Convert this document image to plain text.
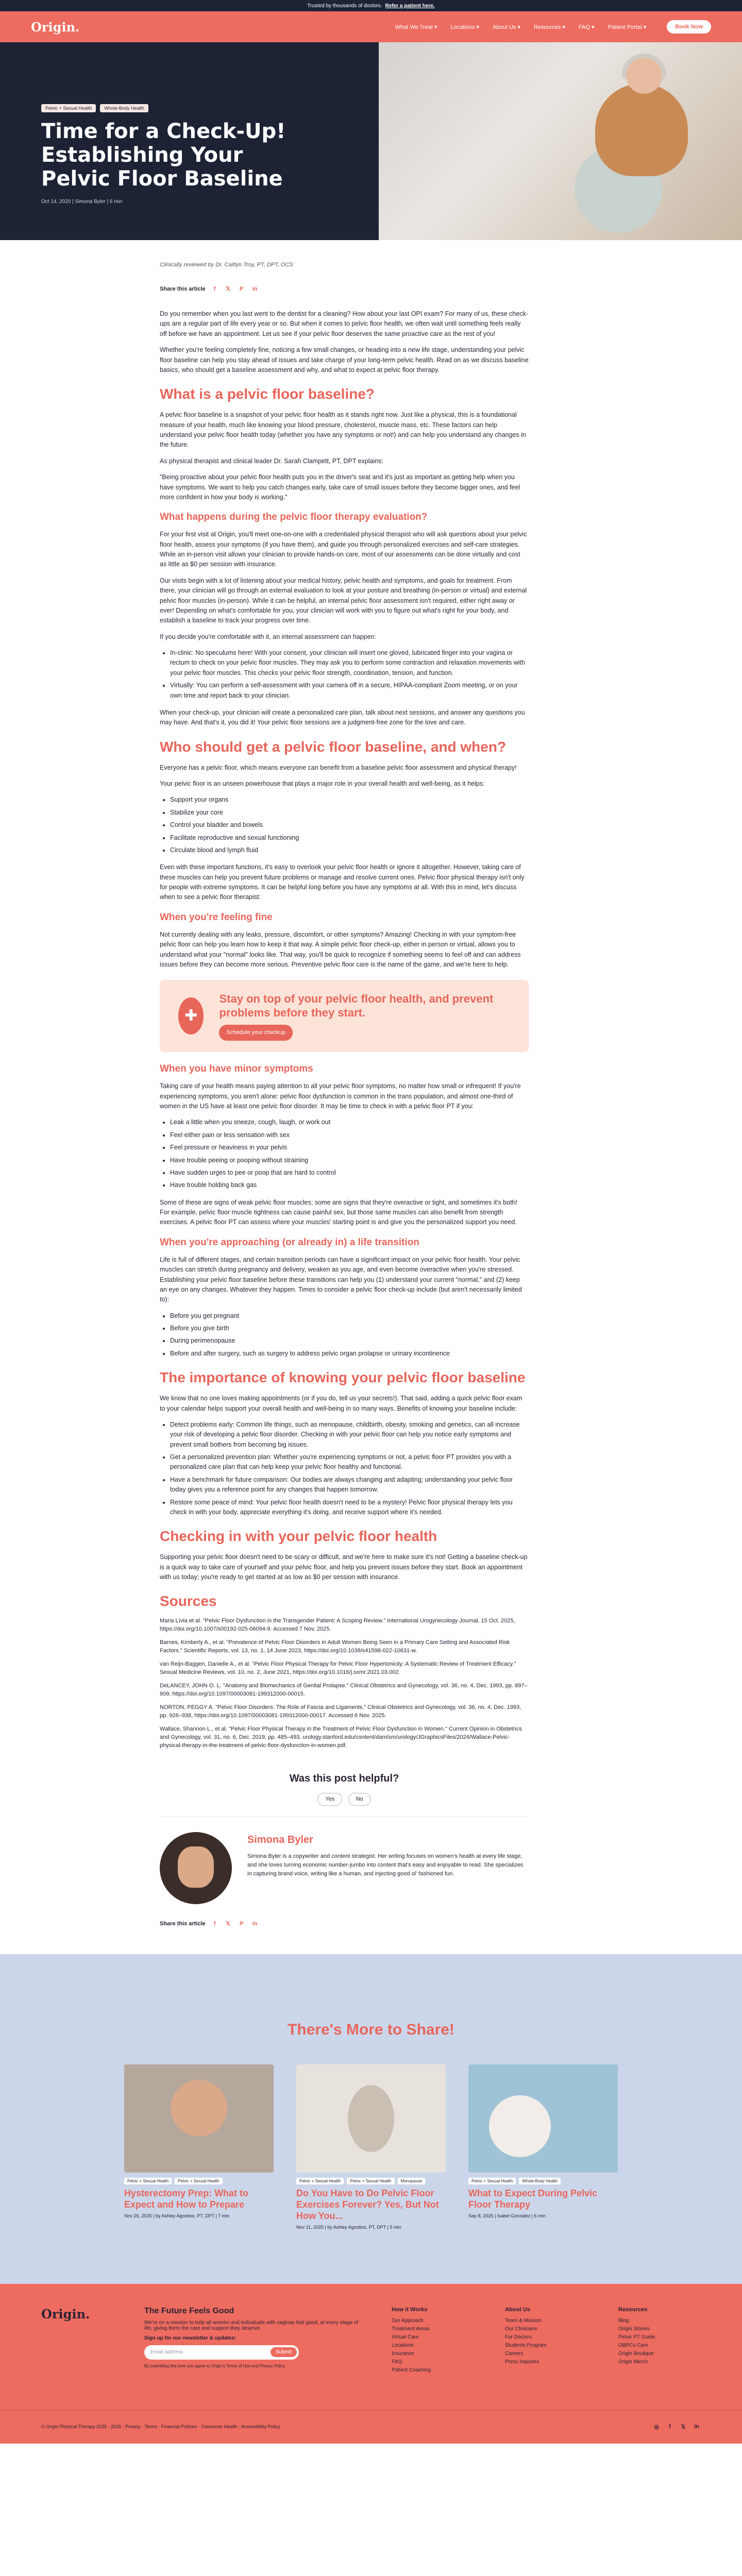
Trusted by thousands of doctors. Refer a patient here.
Origin.	What We Treat ▾	Locations ▾	About Us ▾	Resources ▾	FAQ ▾	Patient Portal ▾	Book Now
Pelvic + Sexual Health	Whole-Body Health
Time for a Check-Up! Establishing Your Pelvic Floor Baseline
Oct 14, 2020 | Simona Byler | 6 min
Clinically reviewed by Dr. Caitlyn Troy, PT, DPT, OCS
Share this article	f	𝕏	P	in

Do you remember when you last went to the dentist for a cleaning? How about your last OPI exam? For many of us, these check-ups are a regular part of life every year or so. But when it comes to pelvic floor health, we often wait until something feels really off before we have an appointment. Let us see if your pelvic floor deserves the same proactive care as the rest of you!

Whether you're feeling completely fine, noticing a few small changes, or heading into a new life stage, understanding your pelvic floor baseline can help you stay ahead of issues and take charge of your long-term pelvic health. Read on as we discuss baseline basics, who should get a baseline assessment and why, and what to expect at pelvic floor therapy.

What is a pelvic floor baseline?

A pelvic floor baseline is a snapshot of your pelvic floor health as it stands right now. Just like a physical, this is a foundational measure of your health, much like knowing your blood pressure, cholesterol, muscle mass, etc. These factors can help understand your pelvic floor health today (whether you have any symptoms or not!) and can help you understand any changes in the future.

As physical therapist and clinical leader Dr. Sarah Clampett, PT, DPT explains:

"Being proactive about your pelvic floor health puts you in the driver's seat and it's just as important as getting help when you have symptoms. We want to help you catch changes early, take care of small issues before they become bigger ones, and feel more confident in how your body is working."

What happens during the pelvic floor therapy evaluation?

For your first visit at Origin, you'll meet one-on-one with a credentialed physical therapist who will ask questions about your pelvic floor health, assess your symptoms (if you have them), and guide you through personalized exercises and self-care strategies. While an in-person visit allows your clinician to provide hands-on care, most of our assessments can be done virtually and cost as little as $0 per session with insurance.

Our visits begin with a lot of listening about your medical history, pelvic health and symptoms, and goals for treatment. From there, your clinician will go through an external evaluation to look at your posture and breathing (in-person or virtual) and external pelvic floor muscles (in-person). While it can be helpful, an internal pelvic floor assessment isn't required, either right away or ever! Depending on what's comfortable for you, your clinician will work with you to figure out what's right for your body, and establish a baseline to track your progress over time.

If you decide you're comfortable with it, an internal assessment can happen:

• In-clinic: No speculums here! With your consent, your clinician will insert one gloved, lubricated finger into your vagina or rectum to check on your pelvic floor muscles. They may ask you to perform some contraction and relaxation movements with your pelvic floor muscles. This checks your pelvic floor strength, coordination, tension, and function.
• Virtually: You can perform a self-assessment with your camera off in a secure, HIPAA-compliant Zoom meeting, or on your own time and report back to your clinician.

When your check-up, your clinician will create a personalized care plan, talk about next sessions, and answer any questions you may have. And that's it, you did it! Your pelvic floor sessions are a judgment-free zone for the love and care.

Who should get a pelvic floor baseline, and when?

Everyone has a pelvic floor, which means everyone can benefit from a baseline pelvic floor assessment and physical therapy!

Your pelvic floor is an unseen powerhouse that plays a major role in your overall health and well-being, as it helps:

• Support your organs
• Stabilize your core
• Control your bladder and bowels
• Facilitate reproductive and sexual functioning
• Circulate blood and lymph fluid

Even with these important functions, it's easy to overlook your pelvic floor health or ignore it altogether. However, taking care of these muscles can help you prevent future problems or manage and resolve current ones. Pelvic floor physical therapy isn't only for people with extreme symptoms. It can be helpful long before you have any symptoms at all. With this in mind, let's discuss when to see a pelvic floor therapist:

When you're feeling fine

Not currently dealing with any leaks, pressure, discomfort, or other symptoms? Amazing! Checking in with your symptom-free pelvic floor can help you learn how to keep it that way. A simple pelvic floor check-up, either in person or virtual, allows you to understand what your "normal" looks like. That way, you'll be quick to recognize if something seems to feel off and can address issues before they can become more serious. Preventive pelvic floor care is the name of the game, and we're here to help.

✚
Stay on top of your pelvic floor health, and prevent problems before they start.
Schedule your checkup
When you have minor symptoms

Taking care of your health means paying attention to all your pelvic floor symptoms, no matter how small or infrequent! If you're experiencing symptoms, you aren't alone: pelvic floor dysfunction is common in the trans population, and almost one-third of women in the US have at least one pelvic floor disorder. It may be time to check in with a pelvic floor PT if you:

• Leak a little when you sneeze, cough, laugh, or work out
• Feel either pain or less sensation with sex
• Feel pressure or heaviness in your pelvis
• Have trouble peeing or pooping without straining
• Have sudden urges to pee or poop that are hard to control
• Have trouble holding back gas

Some of these are signs of weak pelvic floor muscles; some are signs that they're overactive or tight, and sometimes it's both! For example, pelvic floor muscle tightness can cause painful sex, but those same muscles can also benefit from strength exercises. A pelvic floor PT can assess where your muscles' starting point is and give you the personalized support you need.

When you're approaching (or already in) a life transition

Life is full of different stages, and certain transition periods can have a significant impact on your pelvic floor health. Your pelvic muscles can stretch during pregnancy and delivery, weaken as you age, and even become overactive when you're stressed. Establishing your pelvic floor baseline before these transitions can help you (1) understand your current "normal," and (2) keep an eye on any changes. Whatever they happen. Times to consider a pelvic floor check-up include (but aren't necessarily limited to):

• Before you get pregnant
• Before you give birth
• During perimenopause
• Before and after surgery, such as surgery to address pelvic organ prolapse or urinary incontinence
The importance of knowing your pelvic floor baseline

We know that no one loves making appointments (or if you do, tell us your secrets!). That said, adding a quick pelvic floor exam to your calendar helps support your overall health and well-being in so many ways. Benefits of knowing your baseline include:

• Detect problems early: Common life things, such as menopause, childbirth, obesity, smoking and genetics, can all increase your risk of developing a pelvic floor disorder. Checking in with your pelvic floor can help you notice early symptoms and prevent small bothers from becoming big issues.
• Get a personalized prevention plan: Whether you're experiencing symptoms or not, a pelvic floor PT provides you with a personalized care plan that can help keep your pelvic floor healthy and functional.
• Have a benchmark for future comparison: Our bodies are always changing and adapting; understanding your pelvic floor today gives you a reference point for any changes that happen tomorrow.
• Restore some peace of mind: Your pelvic floor health doesn't need to be a mystery! Pelvic floor physical therapy lets you check in with your body, appreciate everything it's doing, and receive support where it's needed.
Checking in with your pelvic floor health

Supporting your pelvic floor doesn't need to be scary or difficult, and we're here to make sure it's not! Getting a baseline check-up is a quick way to take care of yourself and your pelvic floor, and help you prevent issues before they start. Book an appointment with us today; you're ready to get started at as low as $0 per session with insurance.

Sources

Maria Lívia et al. "Pelvic Floor Dysfunction in the Transgender Patient: A Scoping Review." International Urogynecology Journal, 15 Oct. 2025, https://doi.org/10.1007/s00192-025-06094-9. Accessed 7 Nov. 2025.

Barnes, Kimberly A., et al. "Prevalence of Pelvic Floor Disorders in Adult Women Being Seen in a Primary Care Setting and Associated Risk Factors." Scientific Reports, vol. 13, no. 1, 14 June 2023, https://doi.org/10.1038/s41598-022-10631-w.

van Reijn-Baggen, Danielle A., et al. "Pelvic Floor Physical Therapy for Pelvic Floor Hypertonicity: A Systematic Review of Treatment Efficacy." Sexual Medicine Reviews, vol. 10, no. 2, June 2021, https://doi.org/10.1016/j.sxmr.2021.03.002.

DeLANCEY, JOHN O. L. "Anatomy and Biomechanics of Genital Prolapse." Clinical Obstetrics and Gynecology, vol. 36, no. 4, Dec. 1993, pp. 897–909, https://doi.org/10.1097/00003081-199312000-00015.

NORTON, PEGGY A. "Pelvic Floor Disorders: The Role of Fascia and Ligaments." Clinical Obstetrics and Gynecology, vol. 36, no. 4, Dec. 1993, pp. 926–938, https://doi.org/10.1097/00003081-199312000-00017. Accessed 6 Nov. 2025.

Wallace, Shannon L., et al. "Pelvic Floor Physical Therapy in the Treatment of Pelvic Floor Dysfunction in Women." Current Opinion in Obstetrics and Gynecology, vol. 31, no. 6, Dec. 2019, pp. 485–493, urology.stanford.edu/content/dam/sm/urology/JGraphicsFiles/2024/Wallace-Pelvic-physical-therapy-in-the-treatment-of-pelvic-floor-dysfunction-in-women.pdf.

Was this post helpful?
Yes	No
Simona Byler

Simona Byler is a copywriter and content strategist. Her writing focuses on women's health at every life stage, and she loves turning economic number-jumbo into content that's easy and enjoyable to read. She specializes in capturing brand voice, writing like a human, and injecting good ol' fashioned fun.

Share this article	f	𝕏	P	in
There's More to Share!
Pelvic + Sexual Health Pelvic + Sexual Health
Hysterectomy Prep: What to Expect and How to Prepare
Nov 26, 2025 | by Ashley Agostino, PT, DPT | 7 min
Pelvic + Sexual Health Pelvic + Sexual Health Menopause
Do You Have to Do Pelvic Floor Exercises Forever? Yes, But Not How You...
Nov 11, 2025 | by Ashley Agostino, PT, DPT | 5 min
Pelvic + Sexual Health Whole-Body Health
What to Expect During Pelvic Floor Therapy
Sep 8, 2025 | Isabel Gonzalez | 6 min
Origin.	The Future Feels Good

We're on a mission to help all women and individuals with vaginas feel good, at every stage of life, giving them the care and support they deserve.

Sign up for our newsletter & updates:

Email address	Submit

By submitting this form you agree to Origin's Terms of Use and Privacy Policy

How it Works
Our Approach
Treatment Areas
Virtual Care
Locations
Insurance
FAQ
Patient Coaching
About Us
Team & Mission
Our Clinicians
For Doctors
Students Program
Careers
Press Inquiries
Resources
Blog
Origin Stories
Pelvic PT Guide
OBPCs Care
Origin Boutique
Origin Merch
© Origin Physical Therapy 2025 - 2026 · Privacy · Terms · Financial Policies · Consumer Health · Accessibility Policy	◎	f	𝕏	in
